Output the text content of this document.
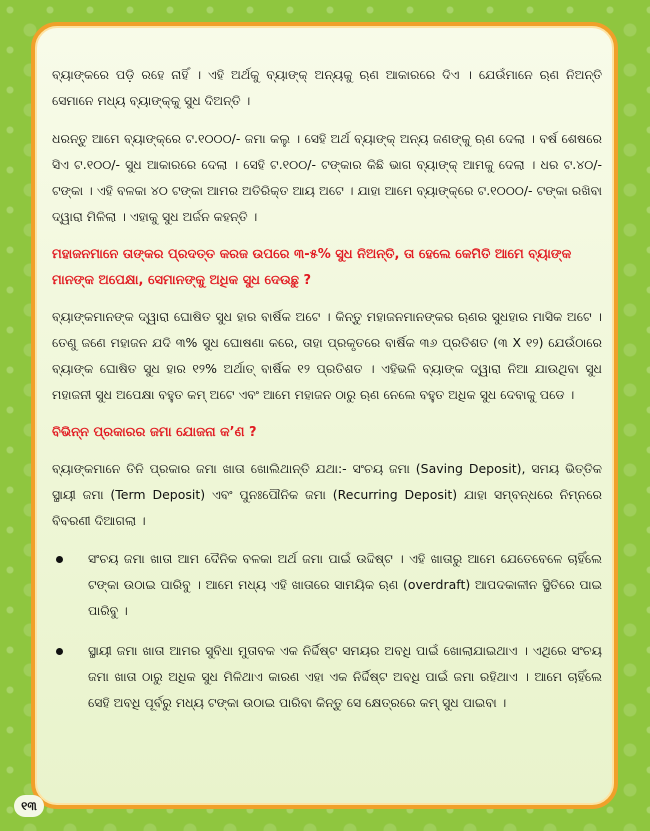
ବ୍ୟାଙ୍କରେ ପଡ଼ି ରହେ ନାହିଁ । ଏହି ଅର୍ଥକୁ ବ୍ୟାଙ୍କ୍ ଅନ୍ୟକୁ ଋଣ ଆକାରରେ ଦିଏ । ଯେଉଁମାନେ ଋଣ ନିଅନ୍ତି ସେମାନେ ମଧ୍ୟ ବ୍ୟାଙ୍କ୍‌କୁ ସୁଧ ଦିଅନ୍ତି ।

ଧରନ୍ତୁ ଆମେ ବ୍ୟାଙ୍କ୍‌ରେ ଟ.୧୦୦୦/- ଜମା କଲୁ । ସେହି ଅର୍ଥ ବ୍ୟାଙ୍କ୍ ଅନ୍ୟ ଜଣଙ୍କୁ ଋଣ ଦେଲା । ବର୍ଷ ଶେଷରେ ସିଏ ଟ.୧୦୦/- ସୁଧ ଆକାରରେ ଦେଲା । ସେହି ଟ.୧୦୦/- ଟଙ୍କାର କିଛି ଭାଗ ବ୍ୟାଙ୍କ୍ ଆମକୁ ଦେଲା । ଧର ଟ.୪୦/- ଟଙ୍କା । ଏହି ବଳକା ୪୦ ଟଙ୍କା ଆମର ଅତିରିକ୍ତ ଆୟ ଅଟେ । ଯାହା ଆମେ ବ୍ୟାଙ୍କ୍‌ରେ ଟ.୧୦୦୦/- ଟଙ୍କା ରଖିବା ଦ୍ୱାରା ମିଳିଲା । ଏହାକୁ ସୁଧ ଅର୍ଜନ କହନ୍ତି ।

ମହାଜନମାନେ ତାଙ୍କର ପ୍ରଦତ୍ତ କରଜ ଉପରେ ୩-୫% ସୁଧ ନିଅନ୍ତି, ତା ହେଲେ କେମିତି ଆମେ ବ୍ୟାଙ୍କ ମାନଙ୍କ ଅପେକ୍ଷା, ସେମାନଙ୍କୁ ଅଧିକ ସୁଧ ଦେଉଛୁ ?

ବ୍ୟାଙ୍କମାନଙ୍କ ଦ୍ୱାରା ଘୋଷିତ ସୁଧ ହାର ବାର୍ଷିକ ଅଟେ । କିନ୍ତୁ ମହାଜନମାନଙ୍କର ଋଣର ସୁଧହାର ମାସିକ ଅଟେ । ତେଣୁ ଜଣେ ମହାଜନ ଯଦି ୩% ସୁଧ ଘୋଷଣା କରେ, ତାହା ପ୍ରକୃତରେ ବାର୍ଷିକ ୩୬ ପ୍ରତିଶତ (୩ X ୧୨) ଯେଉଁଠାରେ ବ୍ୟାଙ୍କ ଘୋଷିତ ସୁଧ ହାର ୧୨% ଅର୍ଥାତ୍ ବାର୍ଷିକ ୧୨ ପ୍ରତିଶତ । ଏହିଭଳି ବ୍ୟାଙ୍କ ଦ୍ୱାରା ନିଆ ଯାଉଥିବା ସୁଧ ମହାଜନୀ ସୁଧ ଅପେକ୍ଷା ବହୁତ କମ୍ ଅଟେ ଏବଂ ଆମେ ମହାଜନ ଠାରୁ ଋଣ ନେଲେ ବହୁତ ଅଧିକ ସୁଧ ଦେବାକୁ ପଡେ ।

ବିଭିନ୍ନ ପ୍ରକାରର ଜମା ଯୋଜନା କ’ଣ ?

ବ୍ୟାଙ୍କମାନେ ତିନି ପ୍ରକାର ଜମା ଖାତା ଖୋଲିଥାନ୍ତି ଯଥା:- ସଂଚୟ ଜମା (Saving Deposit), ସମୟ ଭିତ୍ତିକ ସ୍ଥାୟୀ ଜମା (Term Deposit) ଏବଂ ପୁନଃପୌନିକ ଜମା (Recurring Deposit) ଯାହା ସମ୍ବନ୍ଧରେ ନିମ୍ନରେ ବିବରଣୀ ଦିଆଗଲା ।

ସଂଚୟ ଜମା ଖାତା ଆମ ଦୈନିକ ବଳକା ଅର୍ଥ ଜମା ପାଇଁ ଉଦ୍ଦିଷ୍ଟ । ଏହି ଖାତାରୁ ଆମେ ଯେତେବେଳେ ଚାହିଁଲେ ଟଙ୍କା ଉଠାଇ ପାରିବୁ । ଆମେ ମଧ୍ୟ ଏହି ଖାତାରେ ସାମୟିକ ଋଣ (overdraft) ଆପଦକାଳୀନ ସ୍ଥିତିରେ ପାଇ ପାରିବୁ ।
ସ୍ଥାୟୀ ଜମା ଖାତା ଆମର ସୁବିଧା ମୁତାବକ ଏକ ନିର୍ଦ୍ଦିଷ୍ଟ ସମୟର ଅବଧି ପାଇଁ ଖୋଲାଯାଇଥାଏ । ଏଥିରେ ସଂଚୟ ଜମା ଖାତା ଠାରୁ ଅଧିକ ସୁଧ ମିଳିଥାଏ କାରଣ ଏହା ଏକ ନିର୍ଦ୍ଦିଷ୍ଟ ଅବଧି ପାଇଁ ଜମା ରହିଥାଏ । ଆମେ ଚାହିଁଲେ ସେହି ଅବଧି ପୂର୍ବରୁ ମଧ୍ୟ ଟଙ୍କା ଉଠାଇ ପାରିବା କିନ୍ତୁ ସେ କ୍ଷେତ୍ରରେ କମ୍ ସୁଧ ପାଇବା ।
୧୩
